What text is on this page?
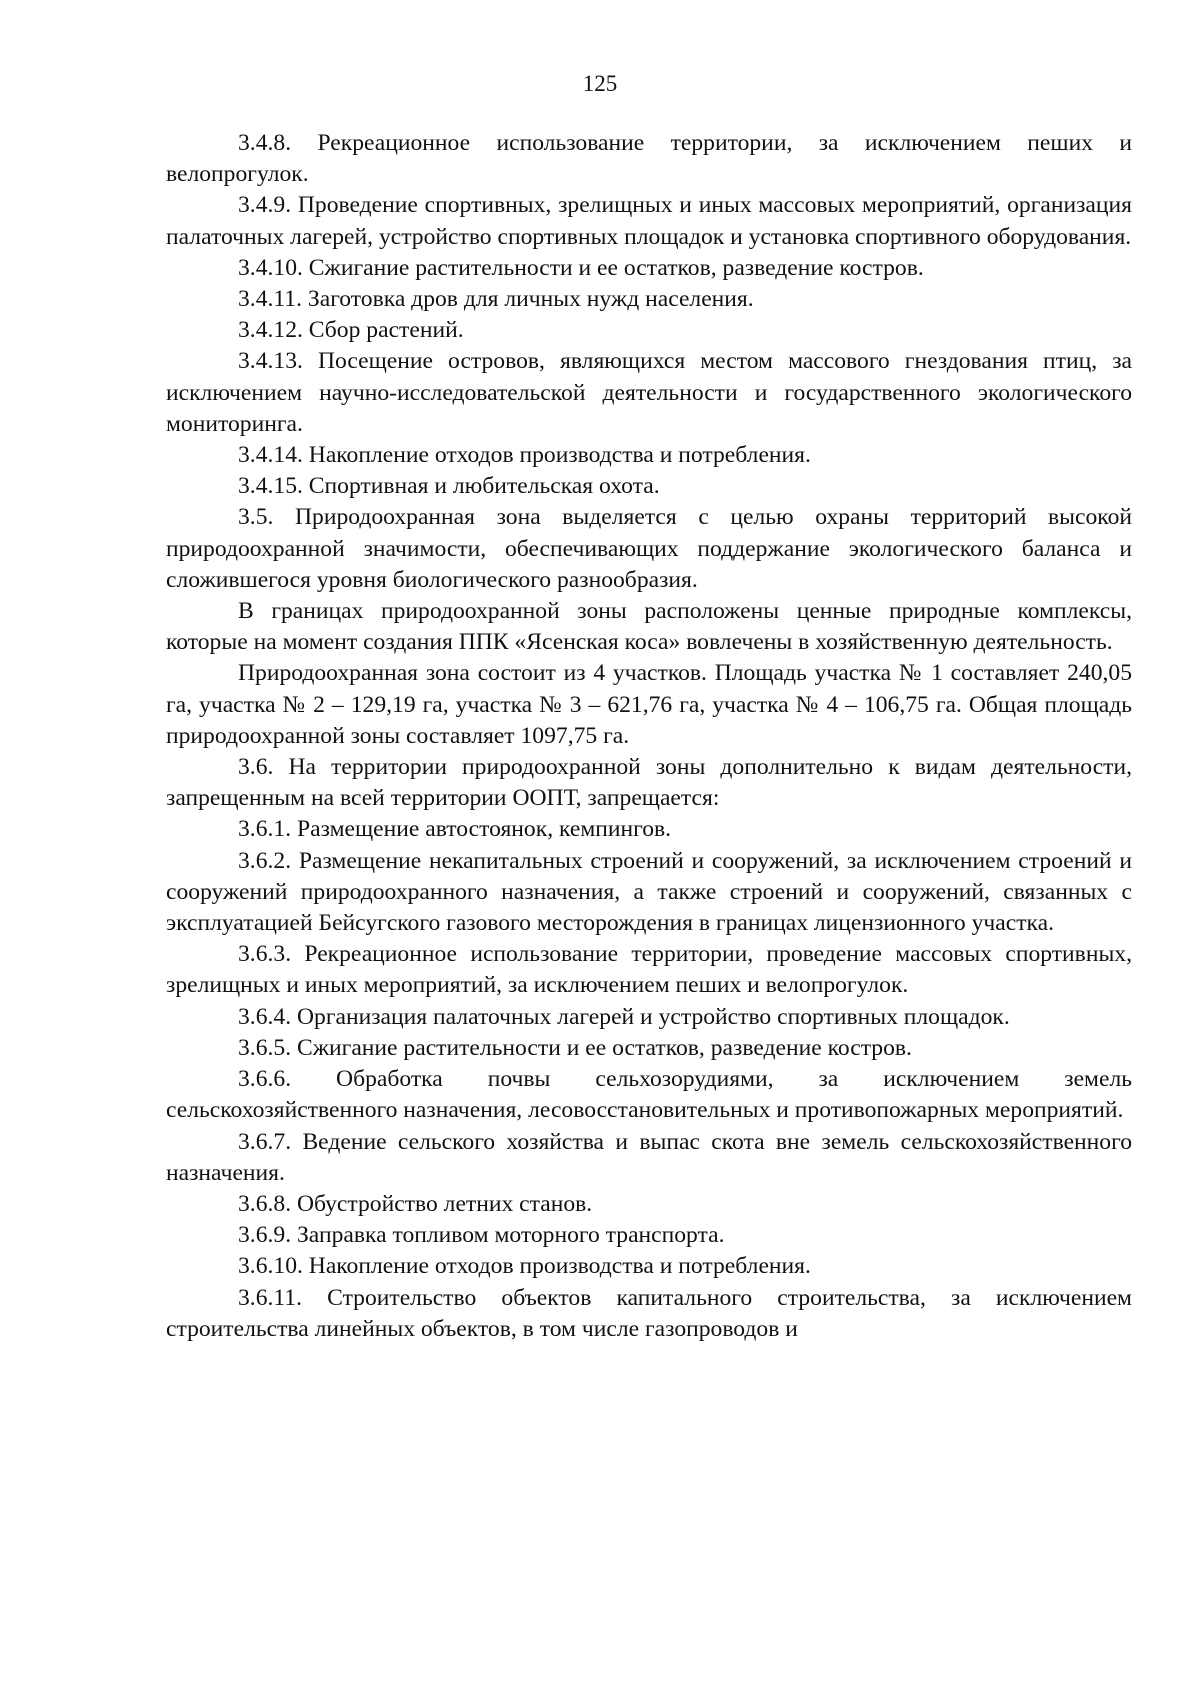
125

3.4.8. Рекреационное использование территории, за исключением пеших и велопрогулок.

3.4.9. Проведение спортивных, зрелищных и иных массовых мероприятий, организация палаточных лагерей, устройство спортивных площадок и установка спортивного оборудования.

3.4.10. Сжигание растительности и ее остатков, разведение костров.

3.4.11. Заготовка дров для личных нужд населения.

3.4.12. Сбор растений.

3.4.13. Посещение островов, являющихся местом массового гнездования птиц, за исключением научно-исследовательской деятельности и государственного экологического мониторинга.

3.4.14. Накопление отходов производства и потребления.

3.4.15. Спортивная и любительская охота.

3.5. Природоохранная зона выделяется с целью охраны территорий высокой природоохранной значимости, обеспечивающих поддержание экологического баланса и сложившегося уровня биологического разнообразия.

В границах природоохранной зоны расположены ценные природные комплексы, которые на момент создания ППК «Ясенская коса» вовлечены в хозяйственную деятельность.

Природоохранная зона состоит из 4 участков. Площадь участка № 1 составляет 240,05 га, участка № 2 – 129,19 га, участка № 3 – 621,76 га, участка № 4 – 106,75 га. Общая площадь природоохранной зоны составляет 1097,75 га.

3.6. На территории природоохранной зоны дополнительно к видам деятельности, запрещенным на всей территории ООПТ, запрещается:

3.6.1. Размещение автостоянок, кемпингов.

3.6.2. Размещение некапитальных строений и сооружений, за исключением строений и сооружений природоохранного назначения, а также строений и сооружений, связанных с эксплуатацией Бейсугского газового месторождения в границах лицензионного участка.

3.6.3. Рекреационное использование территории, проведение массовых спортивных, зрелищных и иных мероприятий, за исключением пеших и велопрогулок.

3.6.4. Организация палаточных лагерей и устройство спортивных площадок.

3.6.5. Сжигание растительности и ее остатков, разведение костров.

3.6.6. Обработка почвы сельхозорудиями, за исключением земель сельскохозяйственного назначения, лесовосстановительных и противопожарных мероприятий.

3.6.7. Ведение сельского хозяйства и выпас скота вне земель сельскохозяйственного назначения.

3.6.8. Обустройство летних станов.

3.6.9. Заправка топливом моторного транспорта.

3.6.10. Накопление отходов производства и потребления.

3.6.11. Строительство объектов капитального строительства, за исключением строительства линейных объектов, в том числе газопроводов и
